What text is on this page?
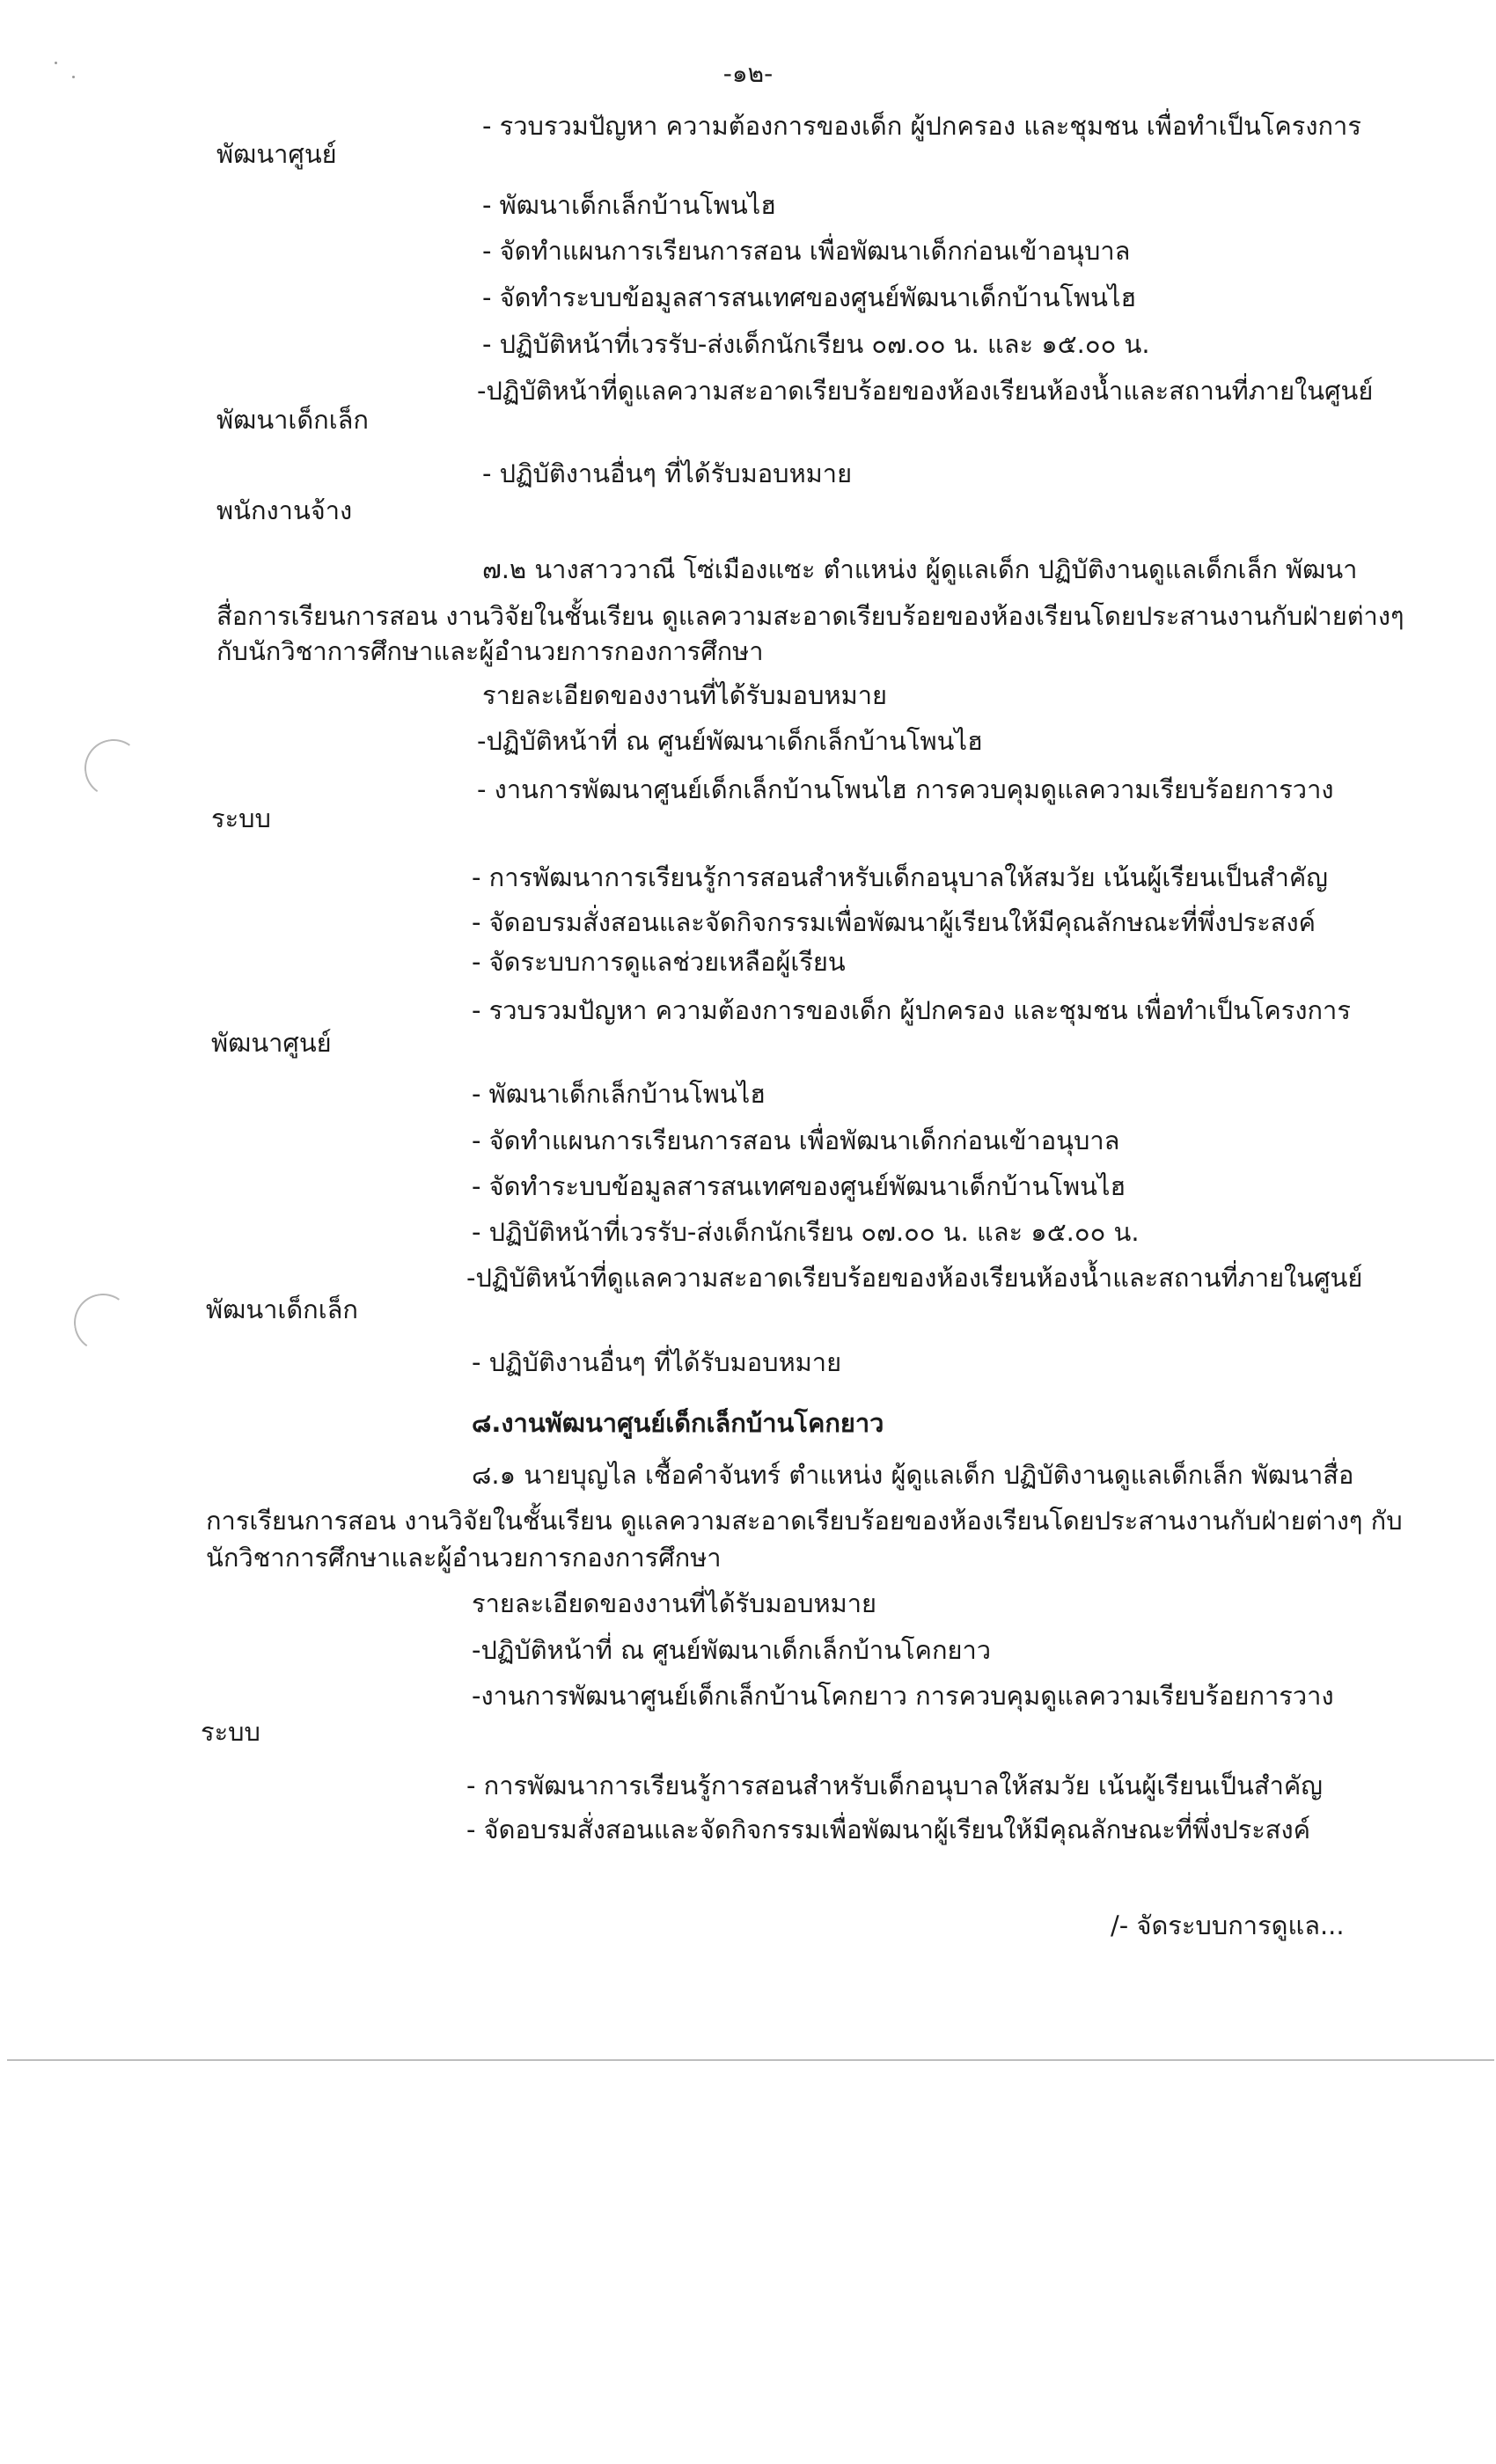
-๑๒-
- รวบรวมปัญหา ความต้องการของเด็ก ผู้ปกครอง และชุมชน เพื่อทำเป็นโครงการ
พัฒนาศูนย์
- พัฒนาเด็กเล็กบ้านโพนไฮ
- จัดทำแผนการเรียนการสอน เพื่อพัฒนาเด็กก่อนเข้าอนุบาล
- จัดทำระบบข้อมูลสารสนเทศของศูนย์พัฒนาเด็กบ้านโพนไฮ
- ปฏิบัติหน้าที่เวรรับ-ส่งเด็กนักเรียน ๐๗.๐๐ น. และ ๑๕.๐๐ น.
-ปฏิบัติหน้าที่ดูแลความสะอาดเรียบร้อยของห้องเรียนห้องน้ำและสถานที่ภายในศูนย์
พัฒนาเด็กเล็ก
- ปฏิบัติงานอื่นๆ ที่ได้รับมอบหมาย
พนักงานจ้าง
๗.๒ นางสาววาณี โซ่เมืองแซะ ตำแหน่ง ผู้ดูแลเด็ก ปฏิบัติงานดูแลเด็กเล็ก พัฒนา
สื่อการเรียนการสอน งานวิจัยในชั้นเรียน ดูแลความสะอาดเรียบร้อยของห้องเรียนโดยประสานงานกับฝ่ายต่างๆ
กับนักวิชาการศึกษาและผู้อำนวยการกองการศึกษา
รายละเอียดของงานที่ได้รับมอบหมาย
-ปฏิบัติหน้าที่ ณ ศูนย์พัฒนาเด็กเล็กบ้านโพนไฮ
- งานการพัฒนาศูนย์เด็กเล็กบ้านโพนไฮ การควบคุมดูแลความเรียบร้อยการวาง
ระบบ
- การพัฒนาการเรียนรู้การสอนสำหรับเด็กอนุบาลให้สมวัย เน้นผู้เรียนเป็นสำคัญ
- จัดอบรมสั่งสอนและจัดกิจกรรมเพื่อพัฒนาผู้เรียนให้มีคุณลักษณะที่พึ่งประสงค์
- จัดระบบการดูแลช่วยเหลือผู้เรียน
- รวบรวมปัญหา ความต้องการของเด็ก ผู้ปกครอง และชุมชน เพื่อทำเป็นโครงการ
พัฒนาศูนย์
- พัฒนาเด็กเล็กบ้านโพนไฮ
- จัดทำแผนการเรียนการสอน เพื่อพัฒนาเด็กก่อนเข้าอนุบาล
- จัดทำระบบข้อมูลสารสนเทศของศูนย์พัฒนาเด็กบ้านโพนไฮ
- ปฏิบัติหน้าที่เวรรับ-ส่งเด็กนักเรียน ๐๗.๐๐ น. และ ๑๕.๐๐ น.
-ปฏิบัติหน้าที่ดูแลความสะอาดเรียบร้อยของห้องเรียนห้องน้ำและสถานที่ภายในศูนย์
พัฒนาเด็กเล็ก
- ปฏิบัติงานอื่นๆ ที่ได้รับมอบหมาย
๘.งานพัฒนาศูนย์เด็กเล็กบ้านโคกยาว
๘.๑ นายบุญไล เชื้อคำจันทร์ ตำแหน่ง ผู้ดูแลเด็ก ปฏิบัติงานดูแลเด็กเล็ก พัฒนาสื่อ
การเรียนการสอน งานวิจัยในชั้นเรียน ดูแลความสะอาดเรียบร้อยของห้องเรียนโดยประสานงานกับฝ่ายต่างๆ กับ
นักวิชาการศึกษาและผู้อำนวยการกองการศึกษา
รายละเอียดของงานที่ได้รับมอบหมาย
-ปฏิบัติหน้าที่ ณ ศูนย์พัฒนาเด็กเล็กบ้านโคกยาว
-งานการพัฒนาศูนย์เด็กเล็กบ้านโคกยาว การควบคุมดูแลความเรียบร้อยการวาง
ระบบ
- การพัฒนาการเรียนรู้การสอนสำหรับเด็กอนุบาลให้สมวัย เน้นผู้เรียนเป็นสำคัญ
- จัดอบรมสั่งสอนและจัดกิจกรรมเพื่อพัฒนาผู้เรียนให้มีคุณลักษณะที่พึ่งประสงค์
/- จัดระบบการดูแล...
